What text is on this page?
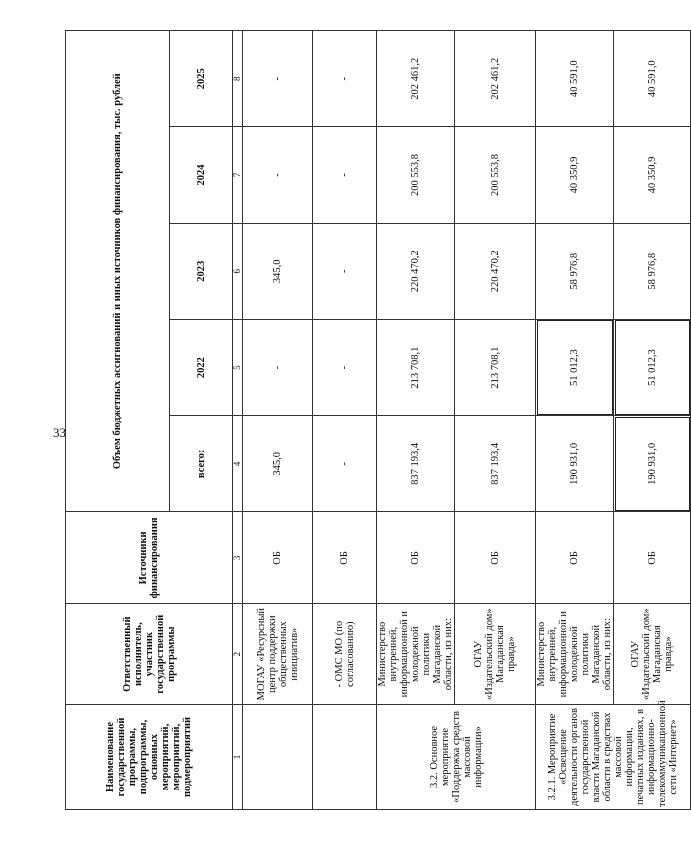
33
Наименование государственной программы, подпрограммы, основных мероприятий, мероприятий, подмероприятий	Ответственный исполнитель, участник государственной программы	Источники финансирования	Объем бюджетных ассигнований и иных источников финансирования, тыс. рублей				
			всего:	2022	2023	2024	2025
1	2	3	4	5	6	7	8
	МОГАУ «Ресурсный центр поддержки общественных инициатив»	ОБ	345,0	-	345,0	-	-
	- ОМС МО (по согласованию)	ОБ	-	-	-	-	-
3.2. Основное мероприятие «Поддержка средств массовой информации»	Министерство внутренней, информационной и молодежной политики Магаданской области, из них:	ОБ	837 193,4	213 708,1	220 470,2	200 553,8	202 461,2
	ОГАУ «Издательский дом» Магаданская правда»	ОБ	837 193,4	213 708,1	220 470,2	200 553,8	202 461,2
3.2.1. Мероприятие «Освещение деятельности органов государственной власти Магаданской области в средствах массовой информации, печатных изданиях, в информационно-телекоммуникационной сети «Интернет»	Министерство внутренней, информационной и молодежной политики Магаданской области, из них:	ОБ	190 931,0	51 012,3	58 976,8	40 350,9	40 591,0
	ОГАУ «Издательский дом» Магаданская правда»	ОБ	190 931,0	51 012,3	58 976,8	40 350,9	40 591,0
